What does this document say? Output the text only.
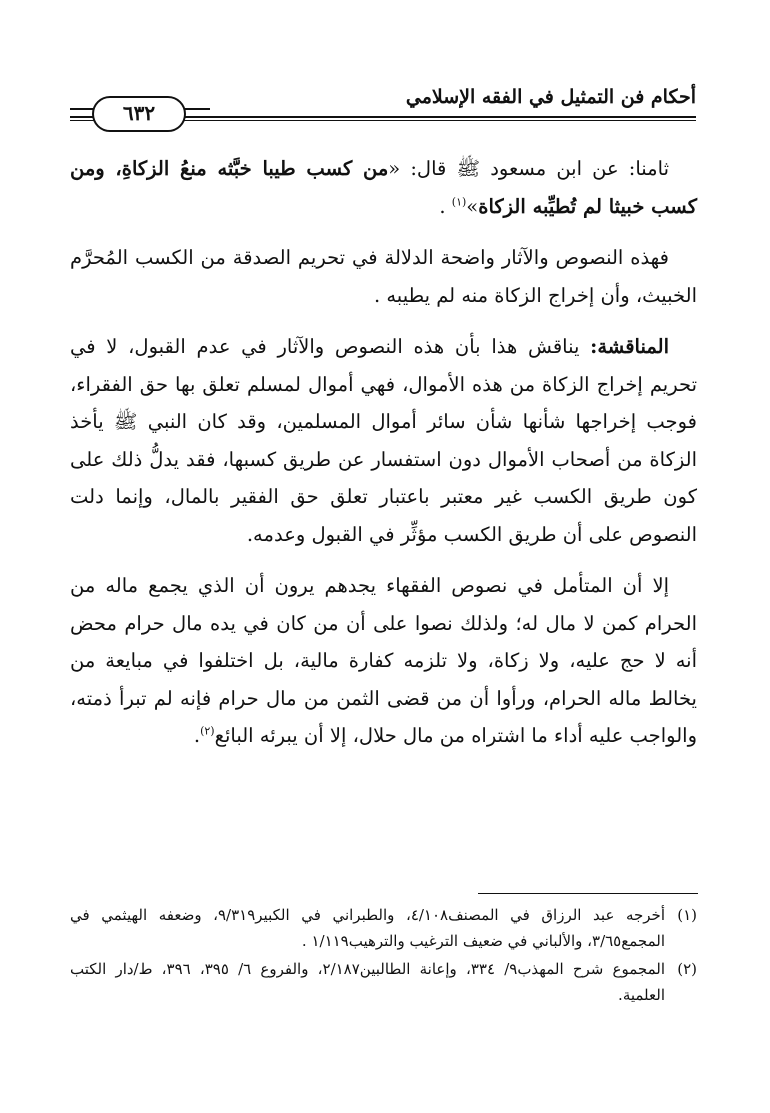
أحكام فن التمثيل في الفقه الإسلامي
٦٣٢

ثامنا: عن ابن مسعود ﷺ قال: «من كسب طيبا خبَّثه منعُ الزكاةِ، ومن كسب خبيثا لم تُطيِّبه الزكاة»$^{(١)}$ .

فهذه النصوص والآثار واضحة الدلالة في تحريم الصدقة من الكسب المُحرَّم الخبيث، وأن إخراج الزكاة منه لم يطيبه .

المناقشة: يناقش هذا بأن هذه النصوص والآثار في عدم القبول، لا في تحريم إخراج الزكاة من هذه الأموال، فهي أموال لمسلم تعلق بها حق الفقراء، فوجب إخراجها شأنها شأن سائر أموال المسلمين، وقد كان النبي ﷺ يأخذ الزكاة من أصحاب الأموال دون استفسار عن طريق كسبها، فقد يدلُّ ذلك على كون طريق الكسب غير معتبر باعتبار تعلق حق الفقير بالمال، وإنما دلت النصوص على أن طريق الكسب مؤثِّر في القبول وعدمه.

إلا أن المتأمل في نصوص الفقهاء يجدهم يرون أن الذي يجمع ماله من الحرام كمن لا مال له؛ ولذلك نصوا على أن من كان في يده مال حرام محض أنه لا حج عليه، ولا زكاة، ولا تلزمه كفارة مالية، بل اختلفوا في مبايعة من يخالط ماله الحرام، ورأوا أن من قضى الثمن من مال حرام فإنه لم تبرأ ذمته، والواجب عليه أداء ما اشتراه من مال حلال، إلا أن يبرئه البائع$^{(٢)}$.

(١)
أخرجه عبد الرزاق في المصنف٤/١٠٨، والطبراني في الكبير٩/٣١٩، وضعفه الهيثمي في المجمع٣/٦٥، والألباني في ضعيف الترغيب والترهيب١/١١٩ .

(٢)
المجموع شرح المهذب٩/ ٣٣٤، وإعانة الطالبين٢/١٨٧، والفروع ٦/ ٣٩٥، ٣٩٦، ط/دار الكتب العلمية.
